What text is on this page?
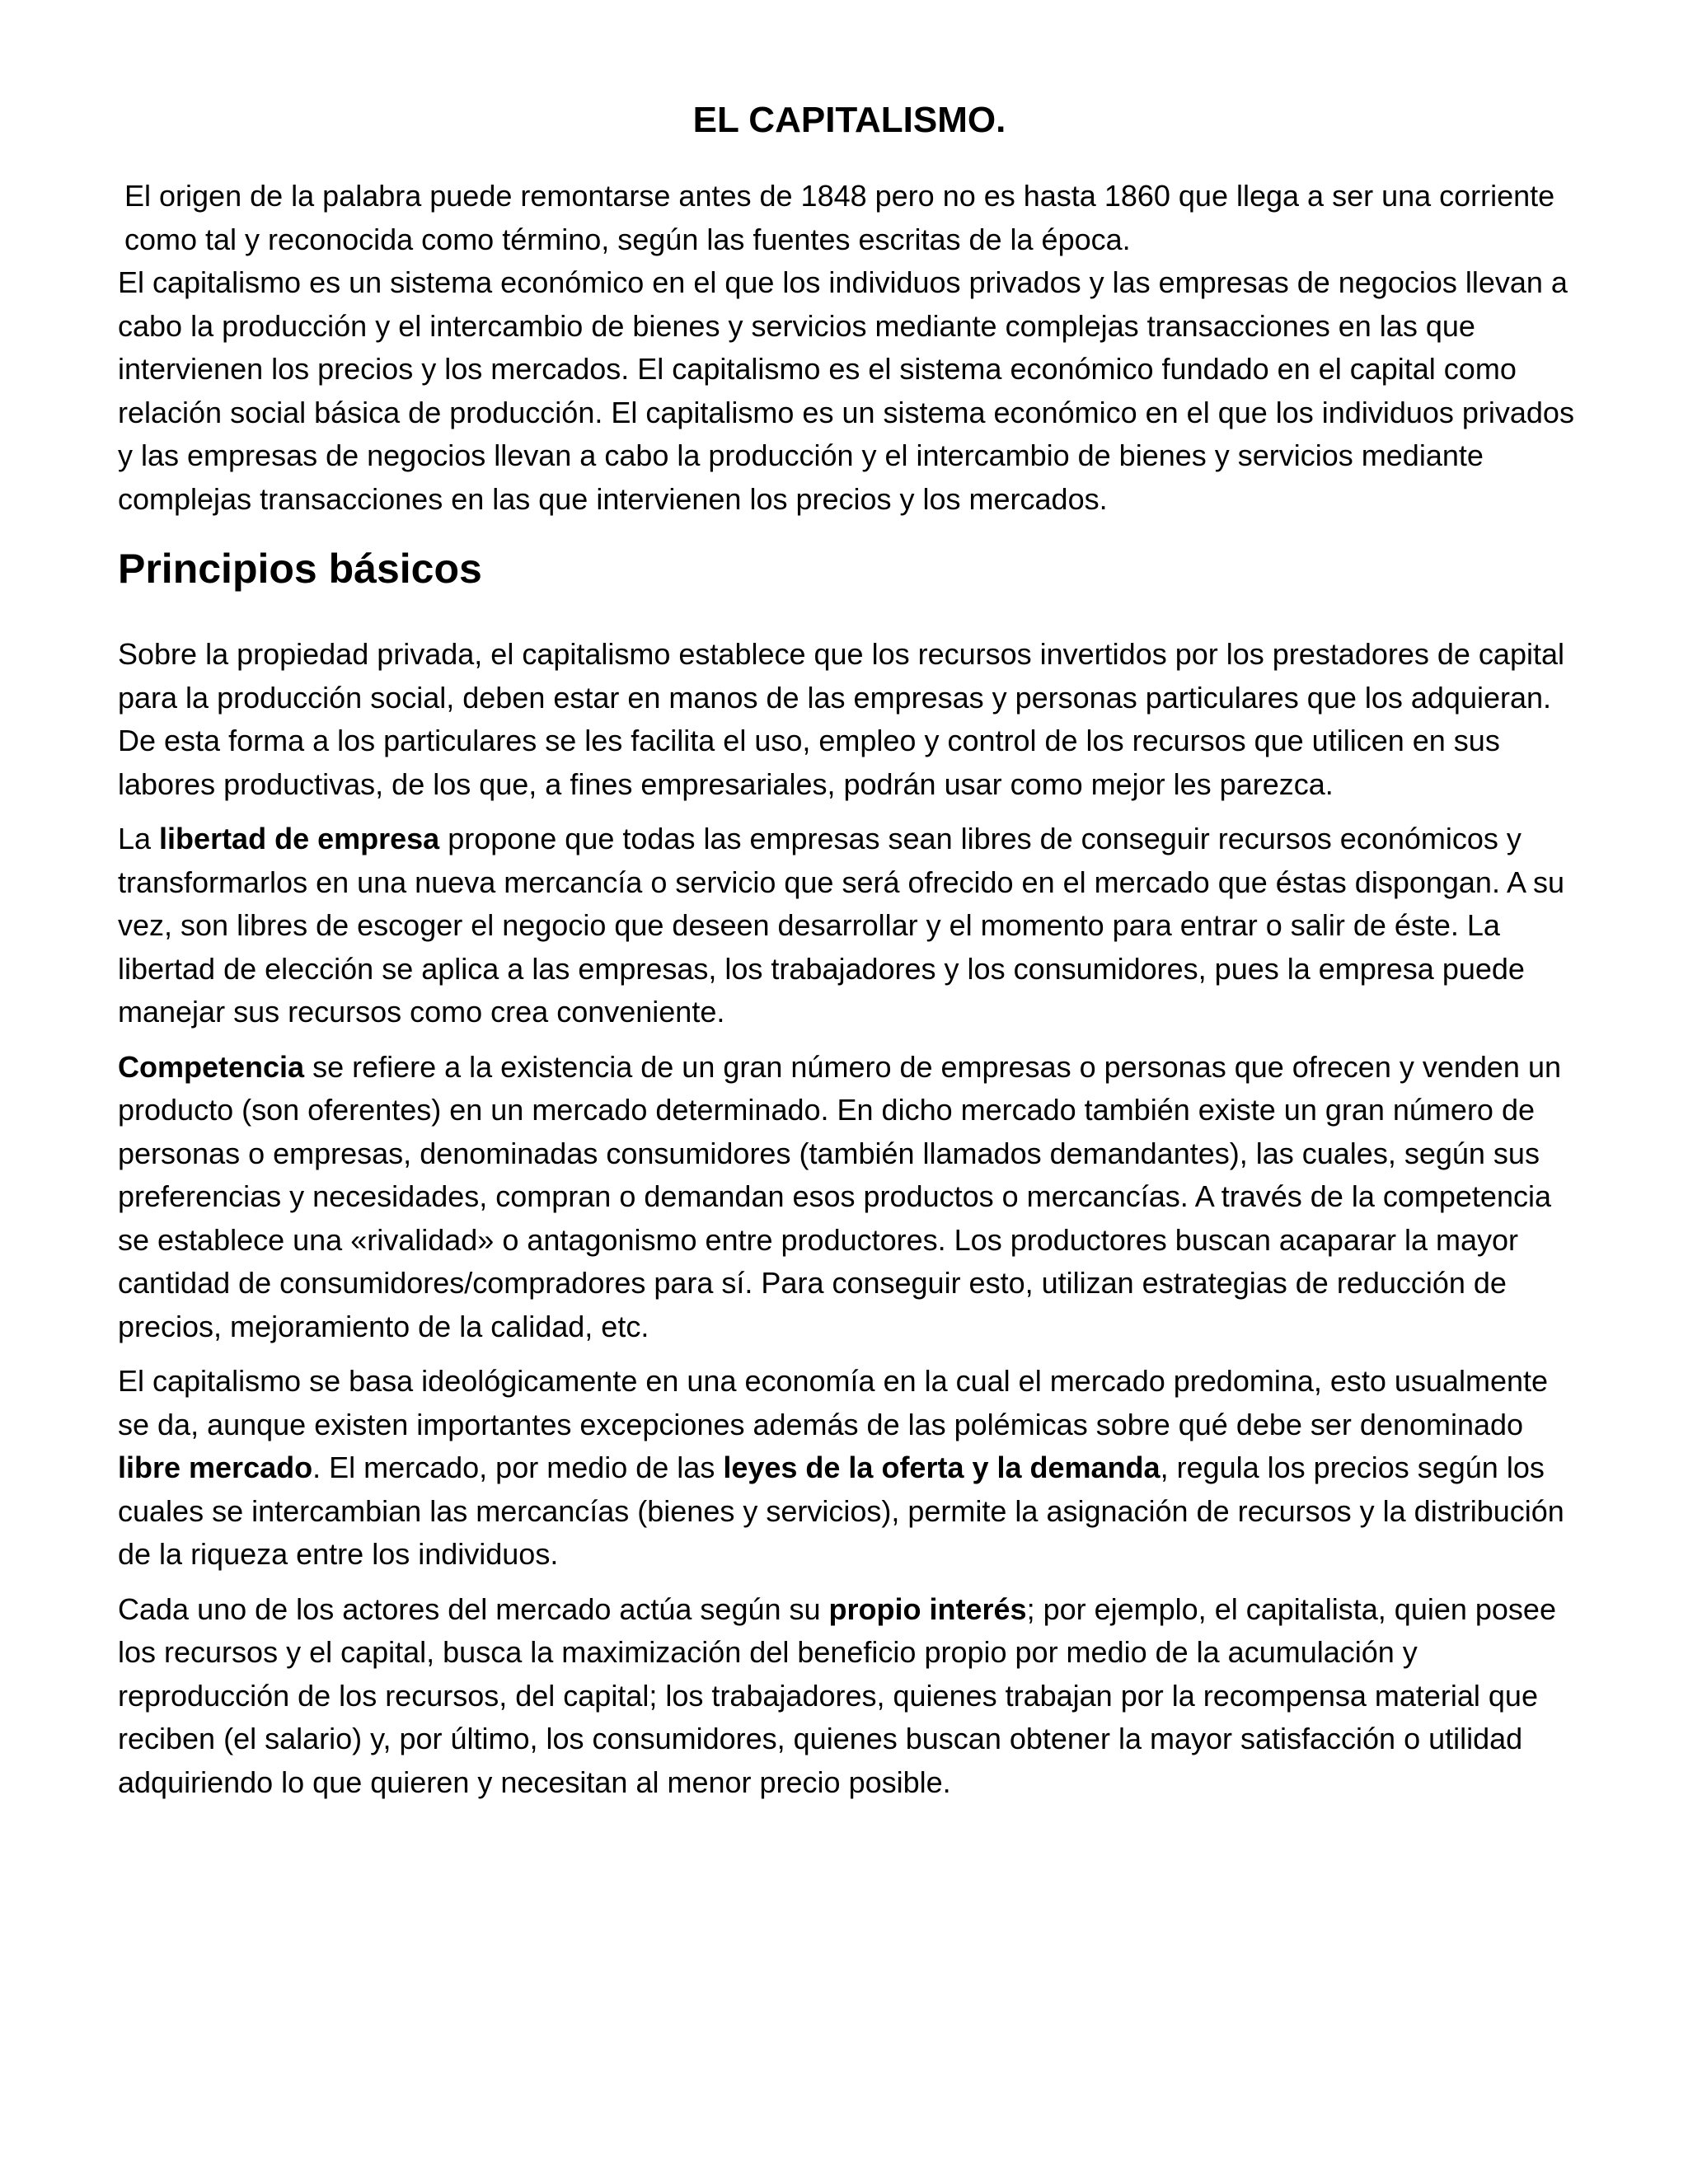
EL CAPITALISMO.

El origen de la palabra puede remontarse antes de 1848 pero no es hasta 1860 que llega a ser una corriente como tal y reconocida como término, según las fuentes escritas de la época.

El capitalismo es un sistema económico en el que los individuos privados y las empresas de negocios llevan a cabo la producción y el intercambio de bienes y servicios mediante complejas transacciones en las que intervienen los precios y los mercados. El capitalismo es el sistema económico fundado en el capital como relación social básica de producción. El capitalismo es un sistema económico en el que los individuos privados y las empresas de negocios llevan a cabo la producción y el intercambio de bienes y servicios mediante complejas transacciones en las que intervienen los precios y los mercados.

Principios básicos

Sobre la propiedad privada, el capitalismo establece que los recursos invertidos por los prestadores de capital para la producción social, deben estar en manos de las empresas y personas particulares que los adquieran. De esta forma a los particulares se les facilita el uso, empleo y control de los recursos que utilicen en sus labores productivas, de los que, a fines empresariales, podrán usar como mejor les parezca.

La libertad de empresa propone que todas las empresas sean libres de conseguir recursos económicos y transformarlos en una nueva mercancía o servicio que será ofrecido en el mercado que éstas dispongan. A su vez, son libres de escoger el negocio que deseen desarrollar y el momento para entrar o salir de éste. La libertad de elección se aplica a las empresas, los trabajadores y los consumidores, pues la empresa puede manejar sus recursos como crea conveniente.

Competencia se refiere a la existencia de un gran número de empresas o personas que ofrecen y venden un producto (son oferentes) en un mercado determinado. En dicho mercado también existe un gran número de personas o empresas, denominadas consumidores (también llamados demandantes), las cuales, según sus preferencias y necesidades, compran o demandan esos productos o mercancías. A través de la competencia se establece una «rivalidad» o antagonismo entre productores. Los productores buscan acaparar la mayor cantidad de consumidores/compradores para sí. Para conseguir esto, utilizan estrategias de reducción de precios, mejoramiento de la calidad, etc.

El capitalismo se basa ideológicamente en una economía en la cual el mercado predomina, esto usualmente se da, aunque existen importantes excepciones además de las polémicas sobre qué debe ser denominado libre mercado. El mercado, por medio de las leyes de la oferta y la demanda, regula los precios según los cuales se intercambian las mercancías (bienes y servicios), permite la asignación de recursos y la distribución de la riqueza entre los individuos.

Cada uno de los actores del mercado actúa según su propio interés; por ejemplo, el capitalista, quien posee los recursos y el capital, busca la maximización del beneficio propio por medio de la acumulación y reproducción de los recursos, del capital; los trabajadores, quienes trabajan por la recompensa material que reciben (el salario) y, por último, los consumidores, quienes buscan obtener la mayor satisfacción o utilidad adquiriendo lo que quieren y necesitan al menor precio posible.
